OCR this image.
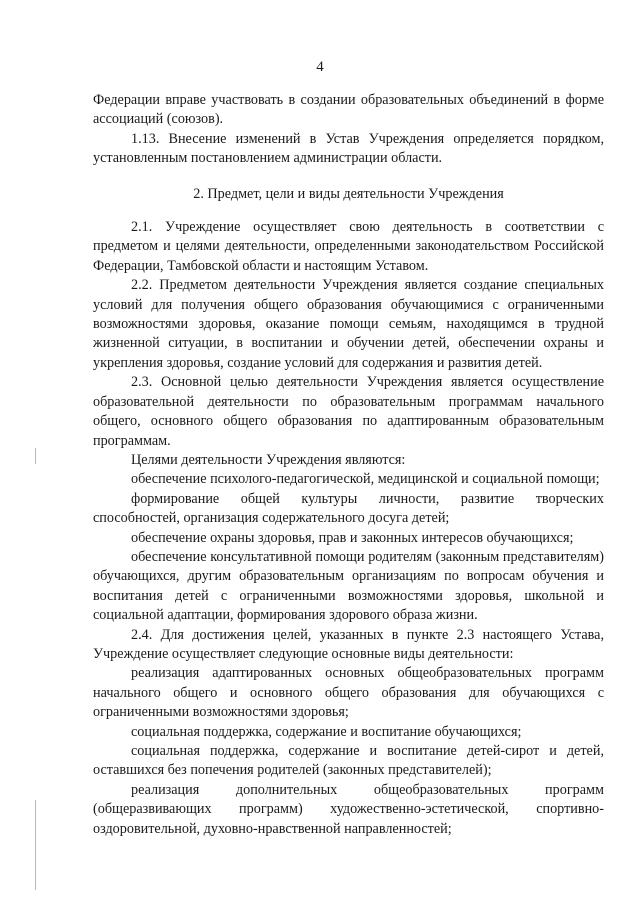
4

Федерации вправе участвовать в создании образовательных объединений в форме ассоциаций (союзов).

1.13. Внесение изменений в Устав Учреждения определяется порядком, установленным постановлением администрации области.

2. Предмет, цели и виды деятельности Учреждения

2.1. Учреждение осуществляет свою деятельность в соответствии с предметом и целями деятельности, определенными законодательством Российской Федерации, Тамбовской области и настоящим Уставом.

2.2. Предметом деятельности Учреждения является создание специальных условий для получения общего образования обучающимися с ограниченными возможностями здоровья, оказание помощи семьям, находящимся в трудной жизненной ситуации, в воспитании и обучении детей, обеспечении охраны и укрепления здоровья, создание условий для содержания и развития детей.

2.3. Основной целью деятельности Учреждения является осуществление образовательной деятельности по образовательным программам начального общего, основного общего образования по адаптированным образовательным программам.

Целями деятельности Учреждения являются:

обеспечение психолого-педагогической, медицинской и социальной помощи;

формирование общей культуры личности, развитие творческих способностей, организация содержательного досуга детей;

обеспечение охраны здоровья, прав и законных интересов обучающихся;

обеспечение консультативной помощи родителям (законным представителям) обучающихся, другим образовательным организациям по вопросам обучения и воспитания детей с ограниченными возможностями здоровья, школьной и социальной адаптации, формирования здорового образа жизни.

2.4. Для достижения целей, указанных в пункте 2.3 настоящего Устава, Учреждение осуществляет следующие основные виды деятельности:

реализация адаптированных основных общеобразовательных программ начального общего и основного общего образования для обучающихся с ограниченными возможностями здоровья;

социальная поддержка, содержание и воспитание обучающихся;

социальная поддержка, содержание и воспитание детей-сирот и детей, оставшихся без попечения родителей (законных представителей);

реализация дополнительных общеобразовательных программ (общеразвивающих программ) художественно-эстетической, спортивно-оздоровительной, духовно-нравственной направленностей;
